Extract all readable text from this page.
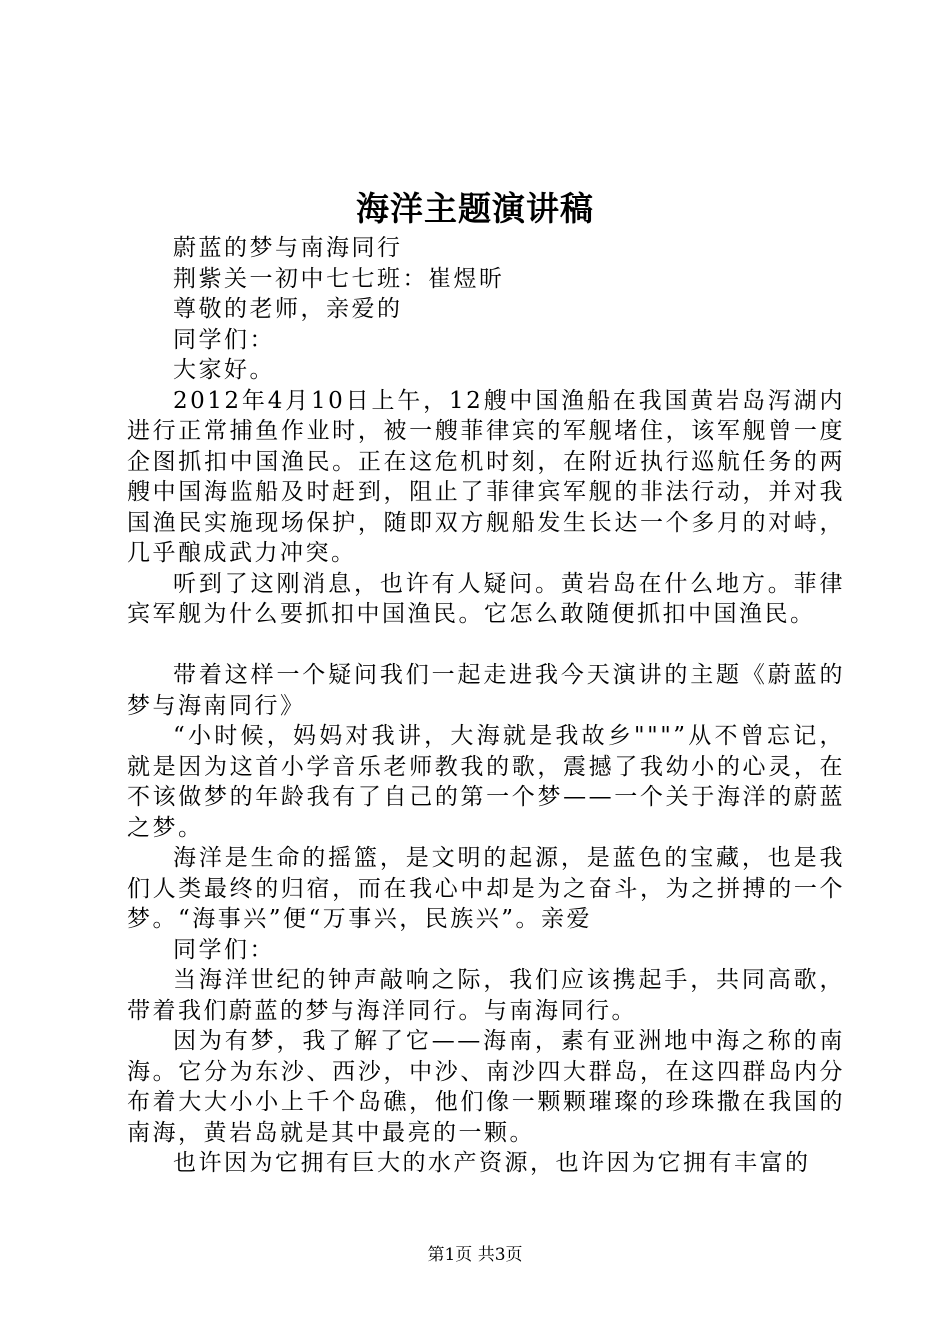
海洋主题演讲稿

蔚蓝的梦与南海同行

荆紫关一初中七七班：崔煜昕

尊敬的老师，亲爱的

同学们：

大家好。

2012年4月10日上午，12艘中国渔船在我国黄岩岛泻湖内进行正常捕鱼作业时，被一艘菲律宾的军舰堵住，该军舰曾一度企图抓扣中国渔民。正在这危机时刻，在附近执行巡航任务的两艘中国海监船及时赶到，阻止了菲律宾军舰的非法行动，并对我国渔民实施现场保护，随即双方舰船发生长达一个多月的对峙，几乎酿成武力冲突。

听到了这刚消息，也许有人疑问。黄岩岛在什么地方。菲律宾军舰为什么要抓扣中国渔民。它怎么敢随便抓扣中国渔民。

带着这样一个疑问我们一起走进我今天演讲的主题《蔚蓝的梦与海南同行》

“小时候，妈妈对我讲，大海就是我故乡"""”从不曾忘记，就是因为这首小学音乐老师教我的歌，震撼了我幼小的心灵，在不该做梦的年龄我有了自己的第一个梦——一个关于海洋的蔚蓝之梦。

海洋是生命的摇篮，是文明的起源，是蓝色的宝藏，也是我们人类最终的归宿，而在我心中却是为之奋斗，为之拼搏的一个梦。“海事兴”便“万事兴，民族兴”。亲爱

同学们：

当海洋世纪的钟声敲响之际，我们应该携起手，共同高歌，带着我们蔚蓝的梦与海洋同行。与南海同行。

因为有梦，我了解了它——海南，素有亚洲地中海之称的南海。它分为东沙、西沙，中沙、南沙四大群岛，在这四群岛内分布着大大小小上千个岛礁，他们像一颗颗璀璨的珍珠撒在我国的南海，黄岩岛就是其中最亮的一颗。

也许因为它拥有巨大的水产资源，也许因为它拥有丰富的

第1页 共3页
